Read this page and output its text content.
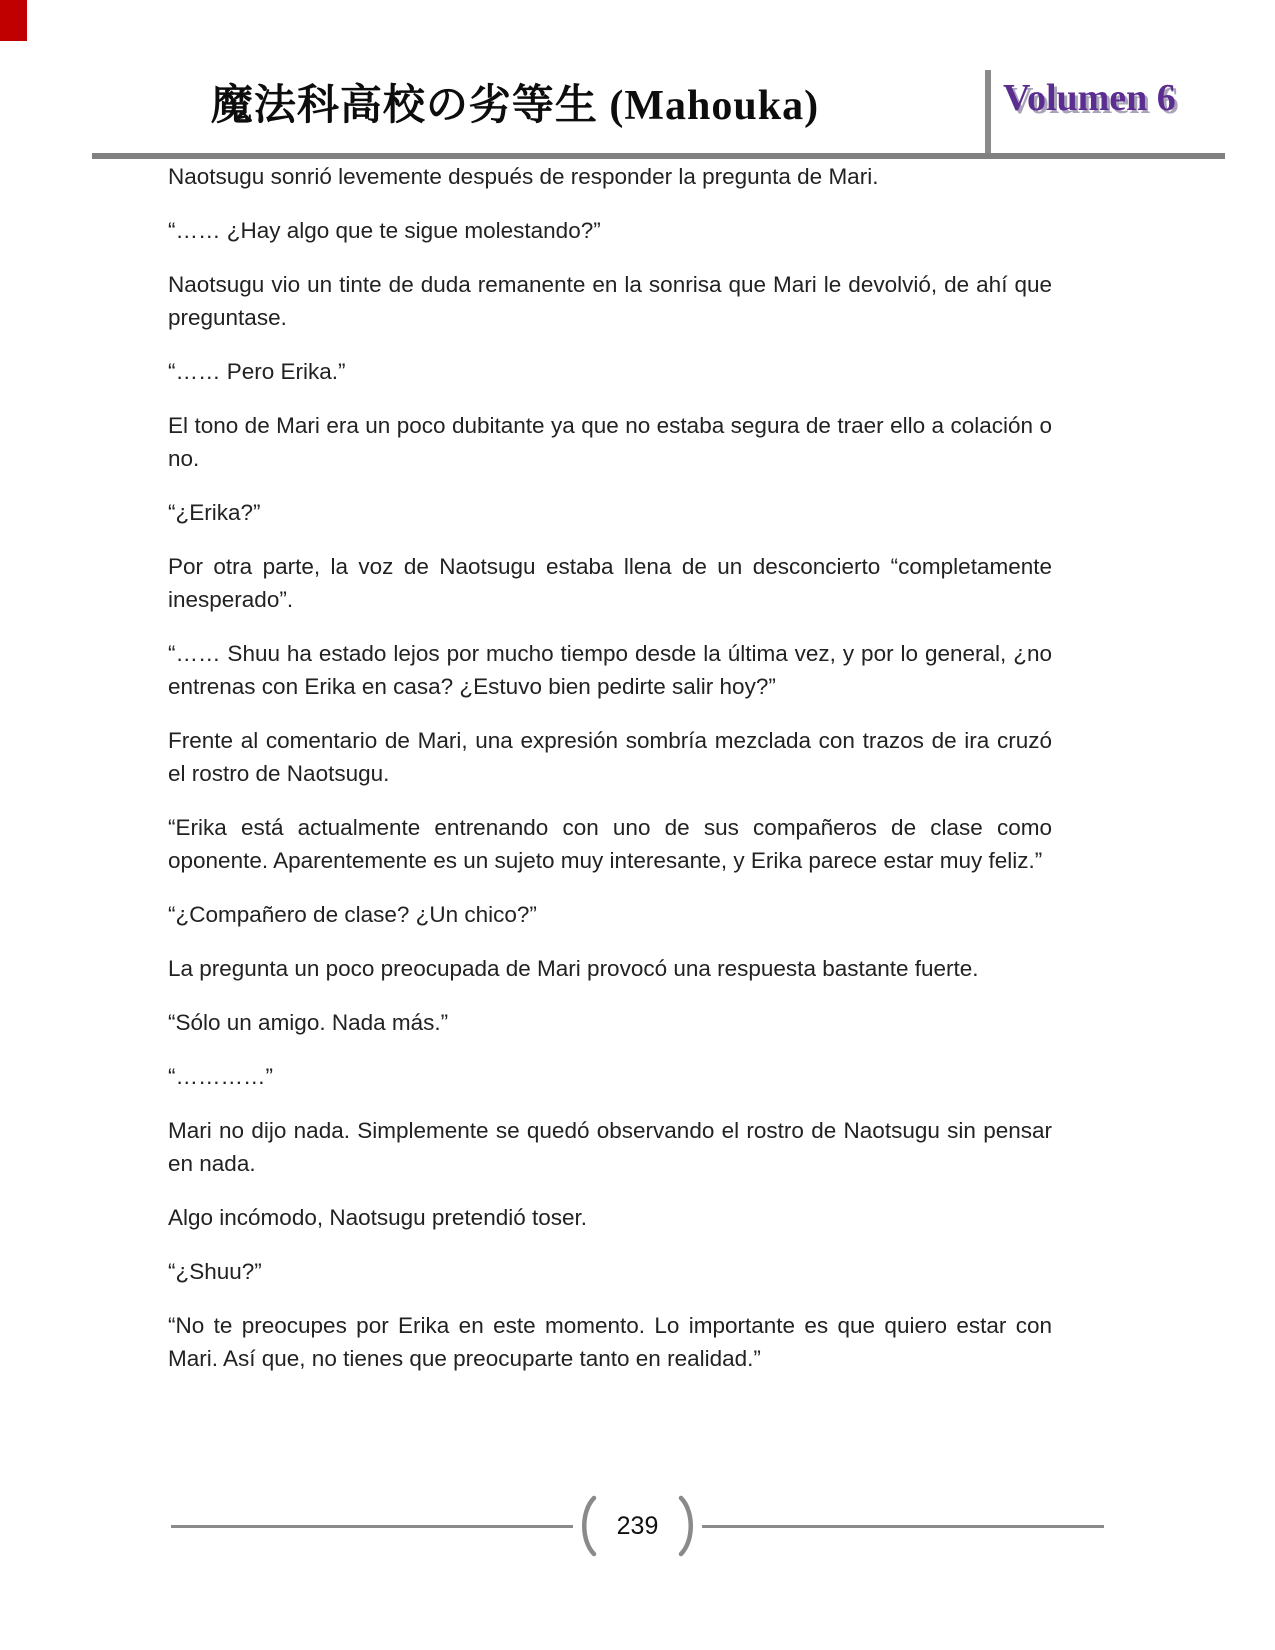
魔法科高校の劣等生 (Mahouka)	Volumen 6

Naotsugu sonrió levemente después de responder la pregunta de Mari.

“…… ¿Hay algo que te sigue molestando?”

Naotsugu vio un tinte de duda remanente en la sonrisa que Mari le devolvió, de ahí que preguntase.

“…… Pero Erika.”

El tono de Mari era un poco dubitante ya que no estaba segura de traer ello a colación o no.

“¿Erika?”

Por otra parte, la voz de Naotsugu estaba llena de un desconcierto “completamente inesperado”.

“…… Shuu ha estado lejos por mucho tiempo desde la última vez, y por lo general, ¿no entrenas con Erika en casa? ¿Estuvo bien pedirte salir hoy?”

Frente al comentario de Mari, una expresión sombría mezclada con trazos de ira cruzó el rostro de Naotsugu.

“Erika está actualmente entrenando con uno de sus compañeros de clase como oponente. Aparentemente es un sujeto muy interesante, y Erika parece estar muy feliz.”

“¿Compañero de clase? ¿Un chico?”

La pregunta un poco preocupada de Mari provocó una respuesta bastante fuerte.

“Sólo un amigo. Nada más.”

“…………”

Mari no dijo nada. Simplemente se quedó observando el rostro de Naotsugu sin pensar en nada.

Algo incómodo, Naotsugu pretendió toser.

“¿Shuu?”

“No te preocupes por Erika en este momento. Lo importante es que quiero estar con Mari. Así que, no tienes que preocuparte tanto en realidad.”

239
